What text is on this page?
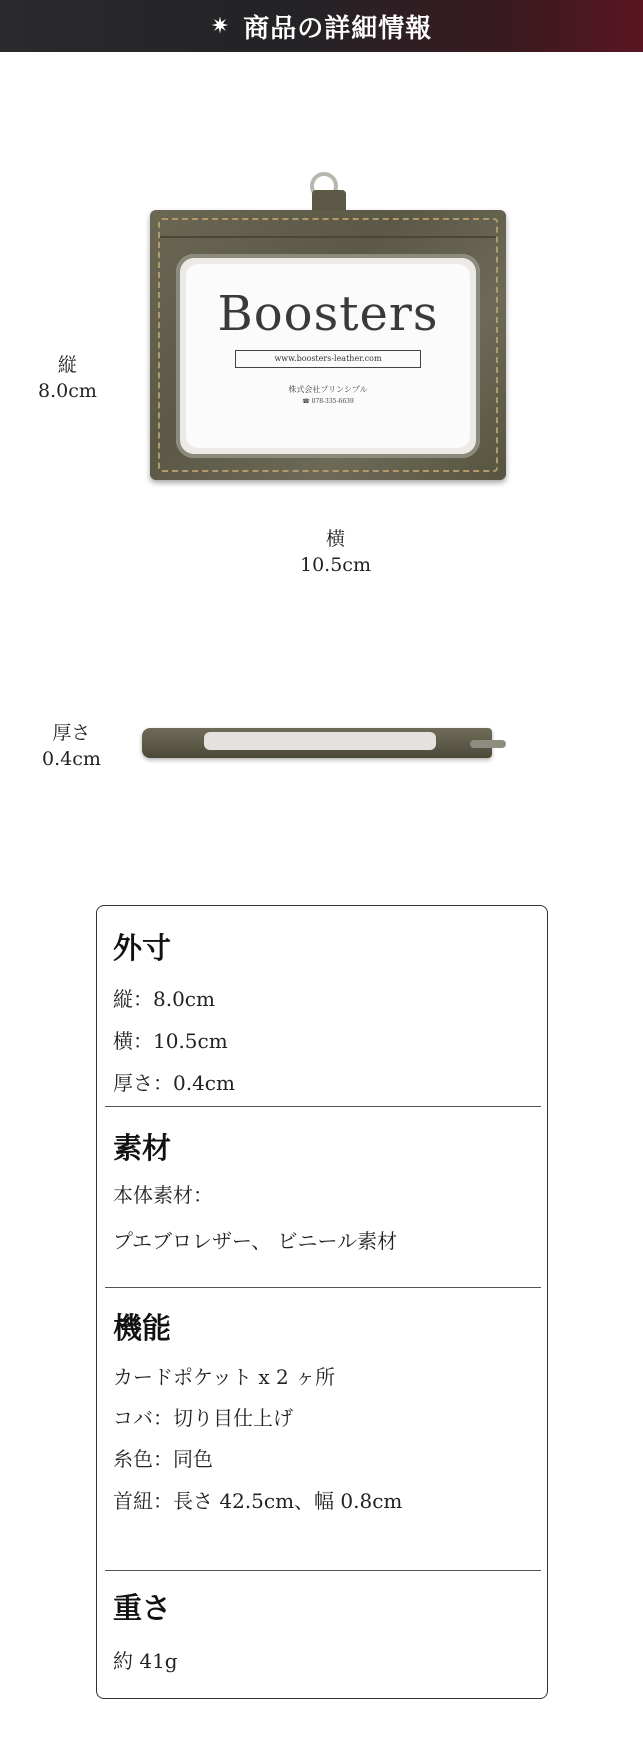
✷ 商品の詳細情報
縦
8.0cm
Boosters
www.boosters-leather.com
株式会社プリンシプル
☎ 078-335-6639
横
10.5cm
厚さ
0.4cm
外寸
縦：8.0cm
横：10.5cm
厚さ：0.4cm
素材
本体素材：
プエブロレザー、 ビニール素材
機能
カードポケット x 2 ヶ所
コバ：切り目仕上げ
糸色：同色
首紐：長さ 42.5cm、幅 0.8cm
重さ
約 41g
